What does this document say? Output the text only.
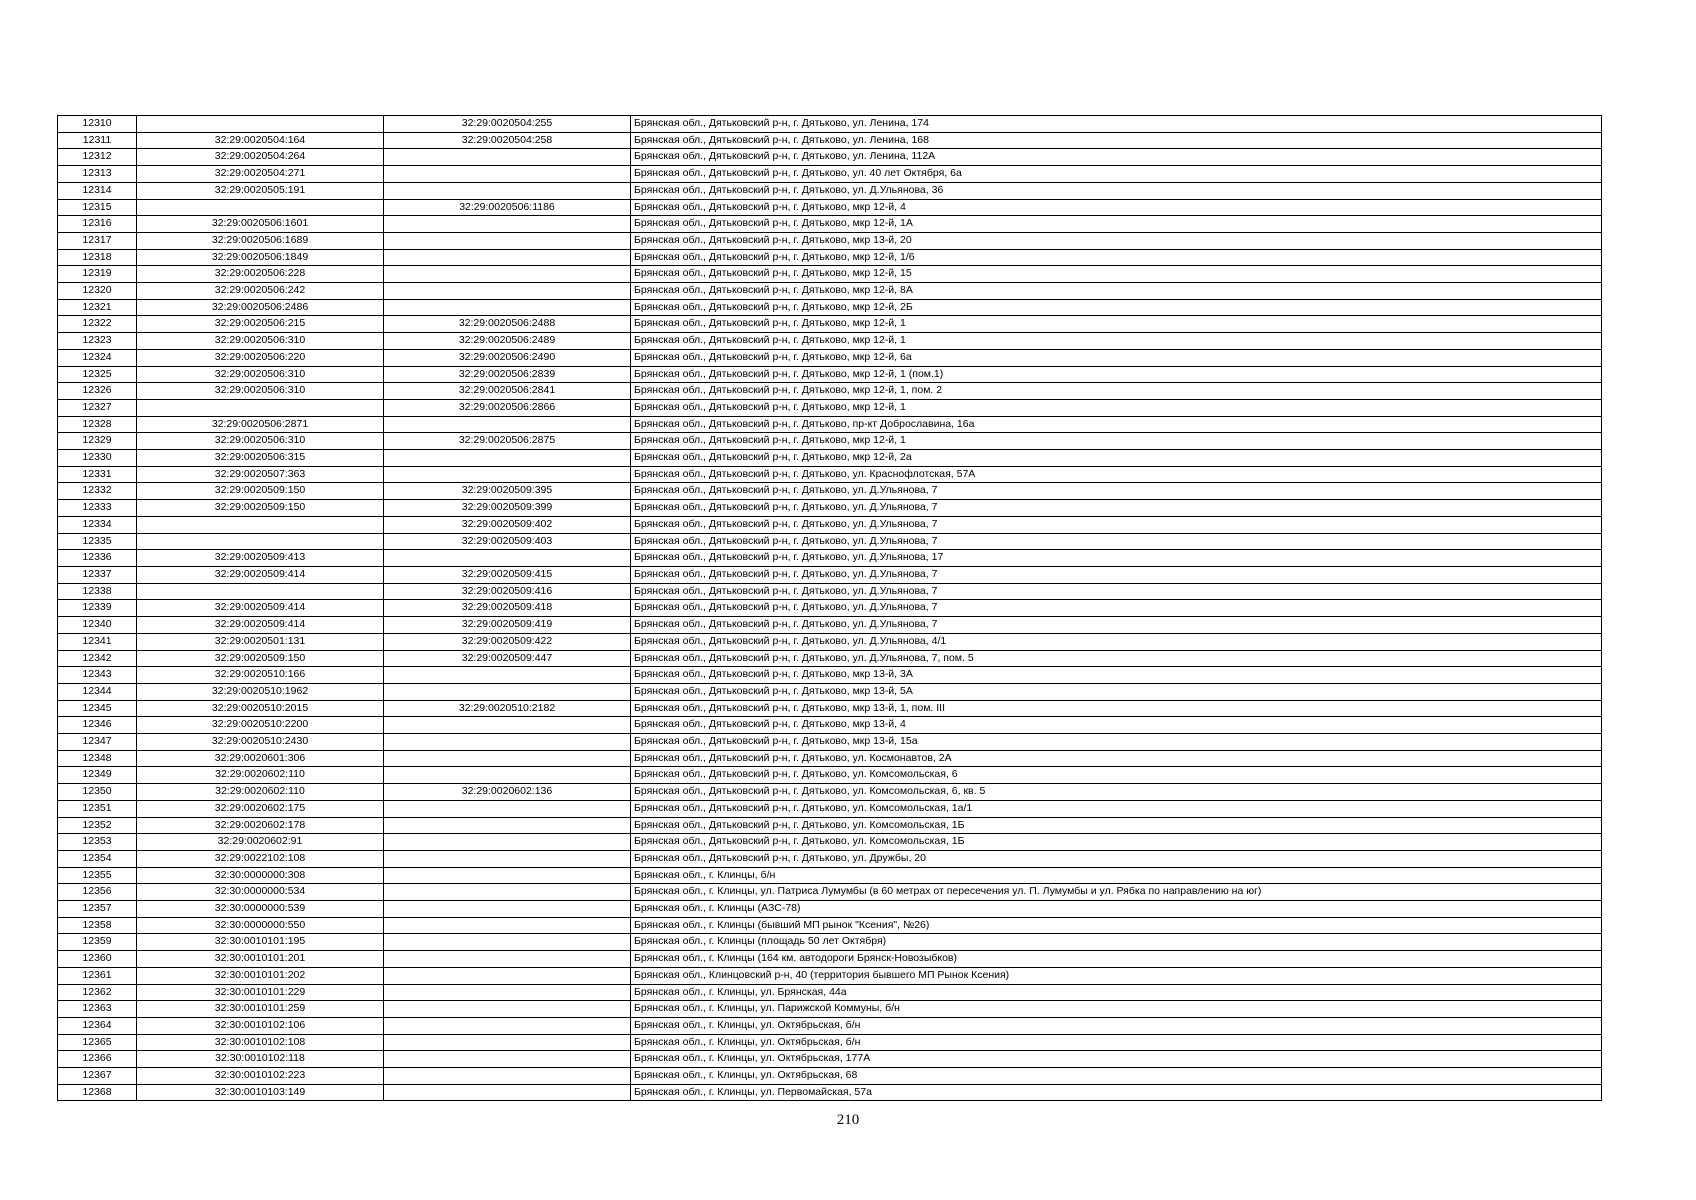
12310		32:29:0020504:255	Брянская обл., Дятьковский р-н, г. Дятьково, ул. Ленина, 174
12311	32:29:0020504:164	32:29:0020504:258	Брянская обл., Дятьковский р-н, г. Дятьково, ул. Ленина, 168
12312	32:29:0020504:264		Брянская обл., Дятьковский р-н, г. Дятьково, ул. Ленина, 112А
12313	32:29:0020504:271		Брянская обл., Дятьковский р-н, г. Дятьково, ул. 40 лет Октября, 6а
12314	32:29:0020505:191		Брянская обл., Дятьковский р-н, г. Дятьково, ул. Д.Ульянова, 36
12315		32:29:0020506:1186	Брянская обл., Дятьковский р-н, г. Дятьково, мкр 12-й, 4
12316	32:29:0020506:1601		Брянская обл., Дятьковский р-н, г. Дятьково, мкр 12-й, 1А
12317	32:29:0020506:1689		Брянская обл., Дятьковский р-н, г. Дятьково, мкр 13-й, 20
12318	32:29:0020506:1849		Брянская обл., Дятьковский р-н, г. Дятьково, мкр 12-й, 1/6
12319	32:29:0020506:228		Брянская обл., Дятьковский р-н, г. Дятьково, мкр 12-й, 15
12320	32:29:0020506:242		Брянская обл., Дятьковский р-н, г. Дятьково, мкр 12-й, 8А
12321	32:29:0020506:2486		Брянская обл., Дятьковский р-н, г. Дятьково, мкр 12-й, 2Б
12322	32:29:0020506:215	32:29:0020506:2488	Брянская обл., Дятьковский р-н, г. Дятьково, мкр 12-й, 1
12323	32:29:0020506:310	32:29:0020506:2489	Брянская обл., Дятьковский р-н, г. Дятьково, мкр 12-й, 1
12324	32:29:0020506:220	32:29:0020506:2490	Брянская обл., Дятьковский р-н, г. Дятьково, мкр 12-й, 6а
12325	32:29:0020506:310	32:29:0020506:2839	Брянская обл., Дятьковский р-н, г. Дятьково, мкр 12-й, 1 (пом.1)
12326	32:29:0020506:310	32:29:0020506:2841	Брянская обл., Дятьковский р-н, г. Дятьково, мкр 12-й, 1, пом. 2
12327		32:29:0020506:2866	Брянская обл., Дятьковский р-н, г. Дятьково, мкр 12-й, 1
12328	32:29:0020506:2871		Брянская обл., Дятьковский р-н, г. Дятьково, пр-кт Доброславина, 16а
12329	32:29:0020506:310	32:29:0020506:2875	Брянская обл., Дятьковский р-н, г. Дятьково, мкр 12-й, 1
12330	32:29:0020506:315		Брянская обл., Дятьковский р-н, г. Дятьково, мкр 12-й, 2а
12331	32:29:0020507:363		Брянская обл., Дятьковский р-н, г. Дятьково, ул. Краснофлотская, 57А
12332	32:29:0020509:150	32:29:0020509:395	Брянская обл., Дятьковский р-н, г. Дятьково, ул. Д.Ульянова, 7
12333	32:29:0020509:150	32:29:0020509:399	Брянская обл., Дятьковский р-н, г. Дятьково, ул. Д.Ульянова, 7
12334		32:29:0020509:402	Брянская обл., Дятьковский р-н, г. Дятьково, ул. Д.Ульянова, 7
12335		32:29:0020509:403	Брянская обл., Дятьковский р-н, г. Дятьково, ул. Д.Ульянова, 7
12336	32:29:0020509:413		Брянская обл., Дятьковский р-н, г. Дятьково, ул. Д.Ульянова, 17
12337	32:29:0020509:414	32:29:0020509:415	Брянская обл., Дятьковский р-н, г. Дятьково, ул. Д.Ульянова, 7
12338		32:29:0020509:416	Брянская обл., Дятьковский р-н, г. Дятьково, ул. Д.Ульянова, 7
12339	32:29:0020509:414	32:29:0020509:418	Брянская обл., Дятьковский р-н, г. Дятьково, ул. Д.Ульянова, 7
12340	32:29:0020509:414	32:29:0020509:419	Брянская обл., Дятьковский р-н, г. Дятьково, ул. Д.Ульянова, 7
12341	32:29:0020501:131	32:29:0020509:422	Брянская обл., Дятьковский р-н, г. Дятьково, ул. Д.Ульянова, 4/1
12342	32:29:0020509:150	32:29:0020509:447	Брянская обл., Дятьковский р-н, г. Дятьково, ул. Д.Ульянова, 7, пом. 5
12343	32:29:0020510:166		Брянская обл., Дятьковский р-н, г. Дятьково, мкр 13-й, 3А
12344	32:29:0020510:1962		Брянская обл., Дятьковский р-н, г. Дятьково, мкр 13-й, 5А
12345	32:29:0020510:2015	32:29:0020510:2182	Брянская обл., Дятьковский р-н, г. Дятьково, мкр 13-й, 1, пом. III
12346	32:29:0020510:2200		Брянская обл., Дятьковский р-н, г. Дятьково, мкр 13-й, 4
12347	32:29:0020510:2430		Брянская обл., Дятьковский р-н, г. Дятьково, мкр 13-й, 15а
12348	32:29:0020601:306		Брянская обл., Дятьковский р-н, г. Дятьково, ул. Космонавтов, 2А
12349	32:29:0020602:110		Брянская обл., Дятьковский р-н, г. Дятьково, ул. Комсомольская, 6
12350	32:29:0020602:110	32:29:0020602:136	Брянская обл., Дятьковский р-н, г. Дятьково, ул. Комсомольская, 6, кв. 5
12351	32:29:0020602:175		Брянская обл., Дятьковский р-н, г. Дятьково, ул. Комсомольская, 1а/1
12352	32:29:0020602:178		Брянская обл., Дятьковский р-н, г. Дятьково, ул. Комсомольская, 1Б
12353	32:29:0020602:91		Брянская обл., Дятьковский р-н, г. Дятьково, ул. Комсомольская, 1Б
12354	32:29:0022102:108		Брянская обл., Дятьковский р-н, г. Дятьково, ул. Дружбы, 20
12355	32:30:0000000:308		Брянская обл., г. Клинцы, б/н
12356	32:30:0000000:534		Брянская обл., г. Клинцы, ул. Патриса Лумумбы (в 60 метрах от пересечения ул. П. Лумумбы и ул. Рябка по направлению на юг)
12357	32:30:0000000:539		Брянская обл., г. Клинцы (АЗС-78)
12358	32:30:0000000:550		Брянская обл., г. Клинцы (бывший МП рынок "Ксения", №26)
12359	32:30:0010101:195		Брянская обл., г. Клинцы (площадь 50 лет Октября)
12360	32:30:0010101:201		Брянская обл., г. Клинцы (164 км. автодороги Брянск-Новозыбков)
12361	32:30:0010101:202		Брянская обл., Клинцовский р-н, 40 (территория бывшего МП Рынок Ксения)
12362	32:30:0010101:229		Брянская обл., г. Клинцы, ул. Брянская, 44а
12363	32:30:0010101:259		Брянская обл., г. Клинцы, ул. Парижской Коммуны, б/н
12364	32:30:0010102:106		Брянская обл., г. Клинцы, ул. Октябрьская, б/н
12365	32:30:0010102:108		Брянская обл., г. Клинцы, ул. Октябрьская, б/н
12366	32:30:0010102:118		Брянская обл., г. Клинцы, ул. Октябрьская, 177А
12367	32:30:0010102:223		Брянская обл., г. Клинцы, ул. Октябрьская, 68
12368	32:30:0010103:149		Брянская обл., г. Клинцы, ул. Первомайская, 57а
210
